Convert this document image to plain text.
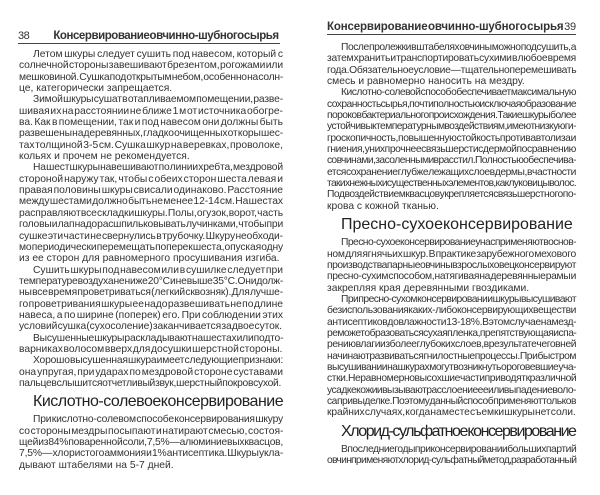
38 Консервирование овчинно-шубного сырья
Летом шкуры следует сушить под навесом, который с
солнечной стороны завешивают брезентом, рогожами или
мешковиной. Сушка под открытым небом, особенно на солн-
це, категорически запрещается.
Зимой шкуры сушат в отапливаемом помещении, разве-
шивая их на расстоянии не ближе 1 м от источника обогре-
ва. Как в помещении, так и под навесом они должны быть
развешены на деревянных, гладко очищенных от коры шес-
тах толщиной 3-5 см. Сушка шкур на веревках, проволоке,
кольях и прочем не рекомендуется.
На шест шкуры навешивают по линии хребта, мездровой
стороной наружу так, чтобы с обеих сторон шеста левая и
правая половины шкуры свисали одинаково. Расстояние
между шестами должно быть не менее 12-14 см. На шестах
расправляют все складки шкуры. Полы, огузок, ворот, часть
головы и лап надо расшпильковывать лучинками, чтобы при
сушке эти части не свернулись в трубочку. Шкуру необходи-
мо периодически перемещать поперек шеста, опуская одну
из ее сторон для равномерного просушивания изгиба.
Сушить шкуры под навесом или в сушилке следует при
температуре воздуха не ниже 20°С и не выше 35°С. Они долж-
ны все время проветриваться (легкий сквозняк). Для лучше-
го проветривания шкуры ее надо развешивать не по длине
навеса, а по ширине (поперек) его. При соблюдении этих
условий сушка (сухосоление) заканчивается за двое суток.
Высушенные шкуры раскладывают на шестах или подто-
варниках волосом вверх для досушки шерстной стороны.
Хорошо высушенная шкура имеет следующие признаки:
она упругая, при ударах по мездровой стороне суставами
пальцев слышится отчетливый звук, шерстный покров сухой.
Кислотно-солевоеконсервирование
При кислотно-солевом способе консервирования шкуру
со стороны мездры посыпают и натирают смесью, состоя-
щей из 84% поваренной соли, 7,5% — алюминиевых квасцов,
7,5% — хлористого аммония и 1% антисептика. Шкуры укла-
дывают штабелями на 5-7 дней.
Консервирование овчинно-шубного сырья 39
После пролежки в штабелях овчины можно подсушить, а
затем хранить и транспортировать сухими в любое время
года. Обязательное условие — тщательно перемешивать
смесь и равномерно наносить на мездру.
Кислотно-солевой способ обеспечивает максимальную
сохранность сырья, почти полностью исключая образование
пороков бактериального происхождения. Такие шкуры более
устойчивы к температурным воздействиям, имеют низкую ги-
гроскопичность, повышенную стойкость против автолиза и
гниения, у них прочнее связь шерсти с дермой по сравнению
с овчинами, засоленными врасстил. Полностью обеспечива-
ется сохранение глубже лежащих слоев дермы, в частности
таких нежных и существенных элементов, как луковицы волос.
Под воздействием квасцов укрепляется связь шерстного по-
крова с кожной тканью.
Пресно-сухоеконсервирование
Пресно-сухое консервирование у нас применяют в основ-
ном для ягнячьих шкур. В практике зарубежного мехового
производства парные овчины взрослых овец консервируют
пресно-сухим способом, натягивая на деревянные рамы и
закрепляя края деревянными гвоздиками.
При пресно-сухом консервировании шкуры высушивают
без использования каких-либо консервирующих веществ и
антисептиков до влажности 13-18%. В этом случае на мезд-
ре может образоваться сухая пленка, препятствующая испа-
рению влаги из более глубоких слоев, в результате чего в ней
начинают развиваться гнилостные процессы. При быстром
высушивании на шкурах могут возникнуть ороговевшие уча-
стки. Неравномерно высохшие части приводят к различной
усадке кожи и вызывают расслоение ее или выпадение воло-
са при выделке. Поэтому данный способ применяют только в
крайних случаях, когда на месте съемки шкуры нет соли.
Хлорид-сульфатное консервирование
В последние годы при консервировании больших партий
овчин применяют хлорид-сульфатный метод, разработанный
